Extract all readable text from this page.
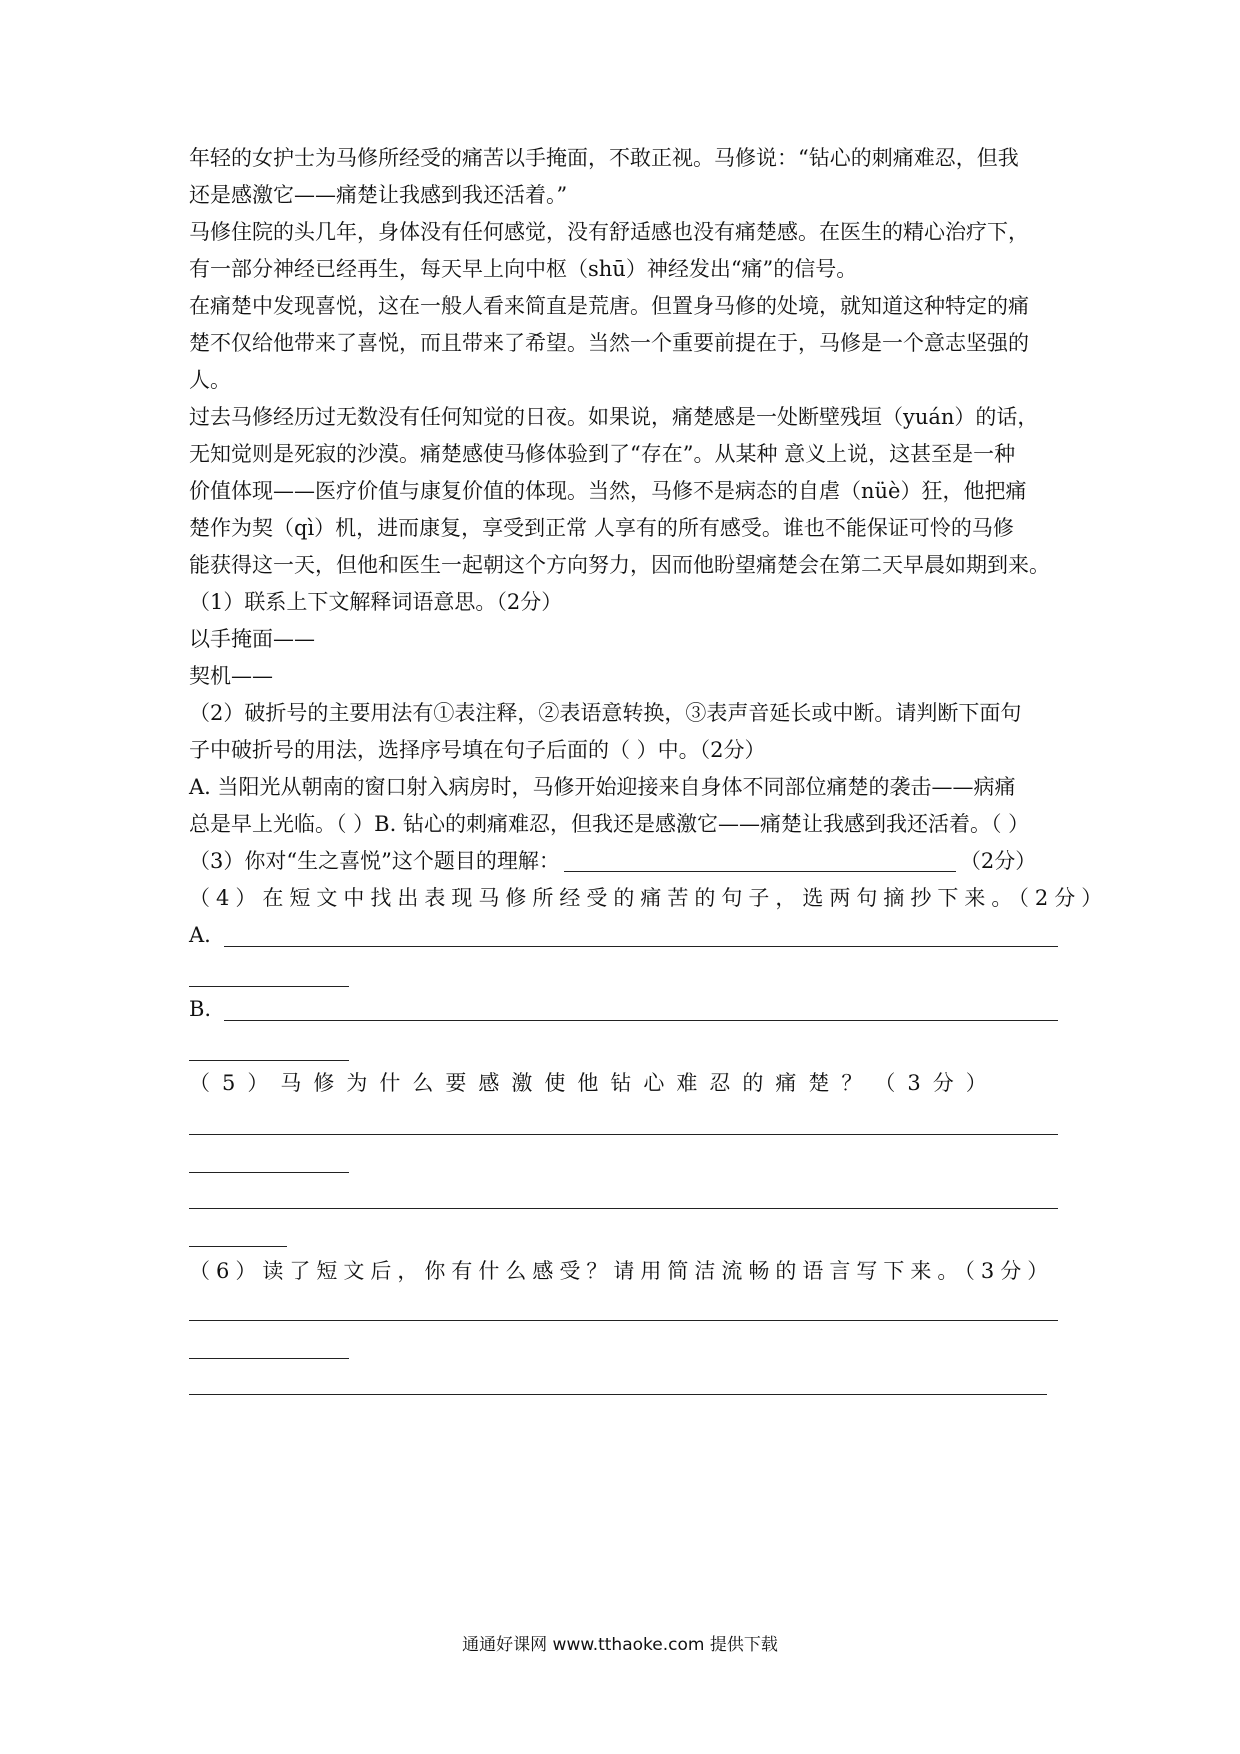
年轻的女护士为马修所经受的痛苦以手掩面，不敢正视。马修说：“钻心的刺痛难忍，但我
还是感激它——痛楚让我感到我还活着。”
马修住院的头几年，身体没有任何感觉，没有舒适感也没有痛楚感。在医生的精心治疗下，
有一部分神经已经再生，每天早上向中枢（shū）神经发出“痛”的信号。
在痛楚中发现喜悦，这在一般人看来简直是荒唐。但置身马修的处境，就知道这种特定的痛
楚不仅给他带来了喜悦，而且带来了希望。当然一个重要前提在于，马修是一个意志坚强的
人。
过去马修经历过无数没有任何知觉的日夜。如果说，痛楚感是一处断壁残垣（yuán）的话，
无知觉则是死寂的沙漠。痛楚感使马修体验到了“存在”。从某种 意义上说，这甚至是一种
价值体现——医疗价值与康复价值的体现。当然，马修不是病态的自虐（nüè）狂，他把痛
楚作为契（qì）机，进而康复，享受到正常 人享有的所有感受。谁也不能保证可怜的马修
能获得这一天，但他和医生一起朝这个方向努力，因而他盼望痛楚会在第二天早晨如期到来。
（1）联系上下文解释词语意思。（2分）
以手掩面——
契机——
（2）破折号的主要用法有①表注释，②表语意转换，③表声音延长或中断。请判断下面句
子中破折号的用法，选择序号填在句子后面的（ ）中。（2分）
A. 当阳光从朝南的窗口射入病房时，马修开始迎接来自身体不同部位痛楚的袭击——病痛
总是早上光临。（ ）B. 钻心的刺痛难忍，但我还是感激它——痛楚让我感到我还活着。（ ）
（3）你对“生之喜悦”这个题目的理解：	（2分）
（4）在短文中找出表现马修所经受的痛苦的句子，选两句摘抄下来。（2分）
A.
B.
（5）马修为什么要感激使他钻心难忍的痛楚？（3分）
（6）读了短文后，你有什么感受？请用简洁流畅的语言写下来。（3分）
通通好课网 www.tthaoke.com 提供下载
